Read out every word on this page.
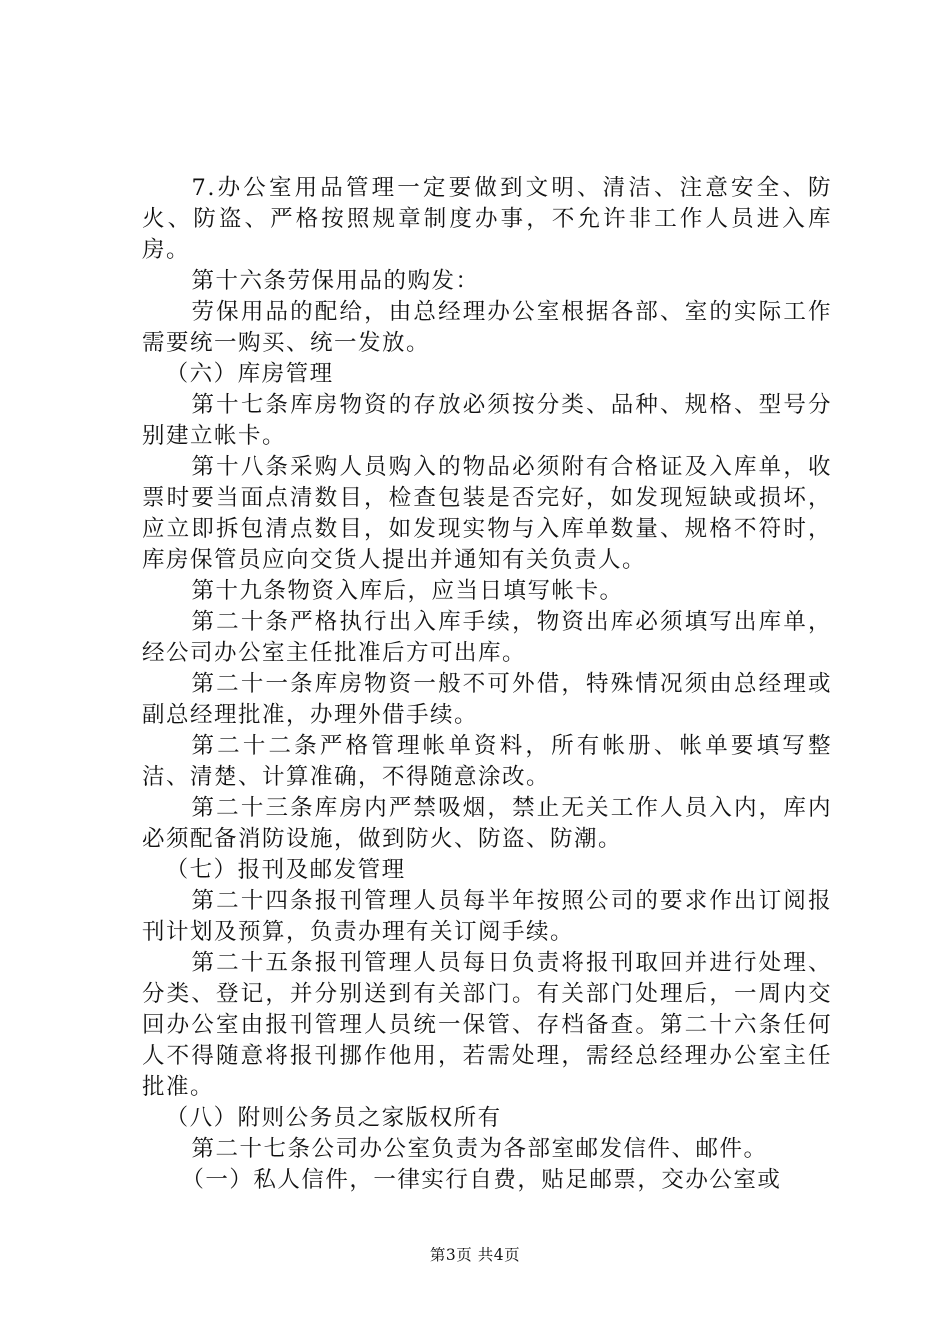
7.办公室用品管理一定要做到文明、清洁、注意安全、防火、防盗、严格按照规章制度办事，不允许非工作人员进入库房。

第十六条劳保用品的购发：

劳保用品的配给，由总经理办公室根据各部、室的实际工作需要统一购买、统一发放。

（六）库房管理

第十七条库房物资的存放必须按分类、品种、规格、型号分别建立帐卡。

第十八条采购人员购入的物品必须附有合格证及入库单，收票时要当面点清数目，检查包装是否完好，如发现短缺或损坏，应立即拆包清点数目，如发现实物与入库单数量、规格不符时，库房保管员应向交货人提出并通知有关负责人。

第十九条物资入库后，应当日填写帐卡。

第二十条严格执行出入库手续，物资出库必须填写出库单，经公司办公室主任批准后方可出库。

第二十一条库房物资一般不可外借，特殊情况须由总经理或副总经理批准，办理外借手续。

第二十二条严格管理帐单资料，所有帐册、帐单要填写整洁、清楚、计算准确，不得随意涂改。

第二十三条库房内严禁吸烟，禁止无关工作人员入内，库内必须配备消防设施，做到防火、防盗、防潮。

（七）报刊及邮发管理

第二十四条报刊管理人员每半年按照公司的要求作出订阅报刊计划及预算，负责办理有关订阅手续。

第二十五条报刊管理人员每日负责将报刊取回并进行处理、分类、登记，并分别送到有关部门。有关部门处理后，一周内交回办公室由报刊管理人员统一保管、存档备查。第二十六条任何人不得随意将报刊挪作他用，若需处理，需经总经理办公室主任批准。

（八）附则公务员之家版权所有

第二十七条公司办公室负责为各部室邮发信件、邮件。

（一）私人信件，一律实行自费，贴足邮票，交办公室或

第3页 共4页
